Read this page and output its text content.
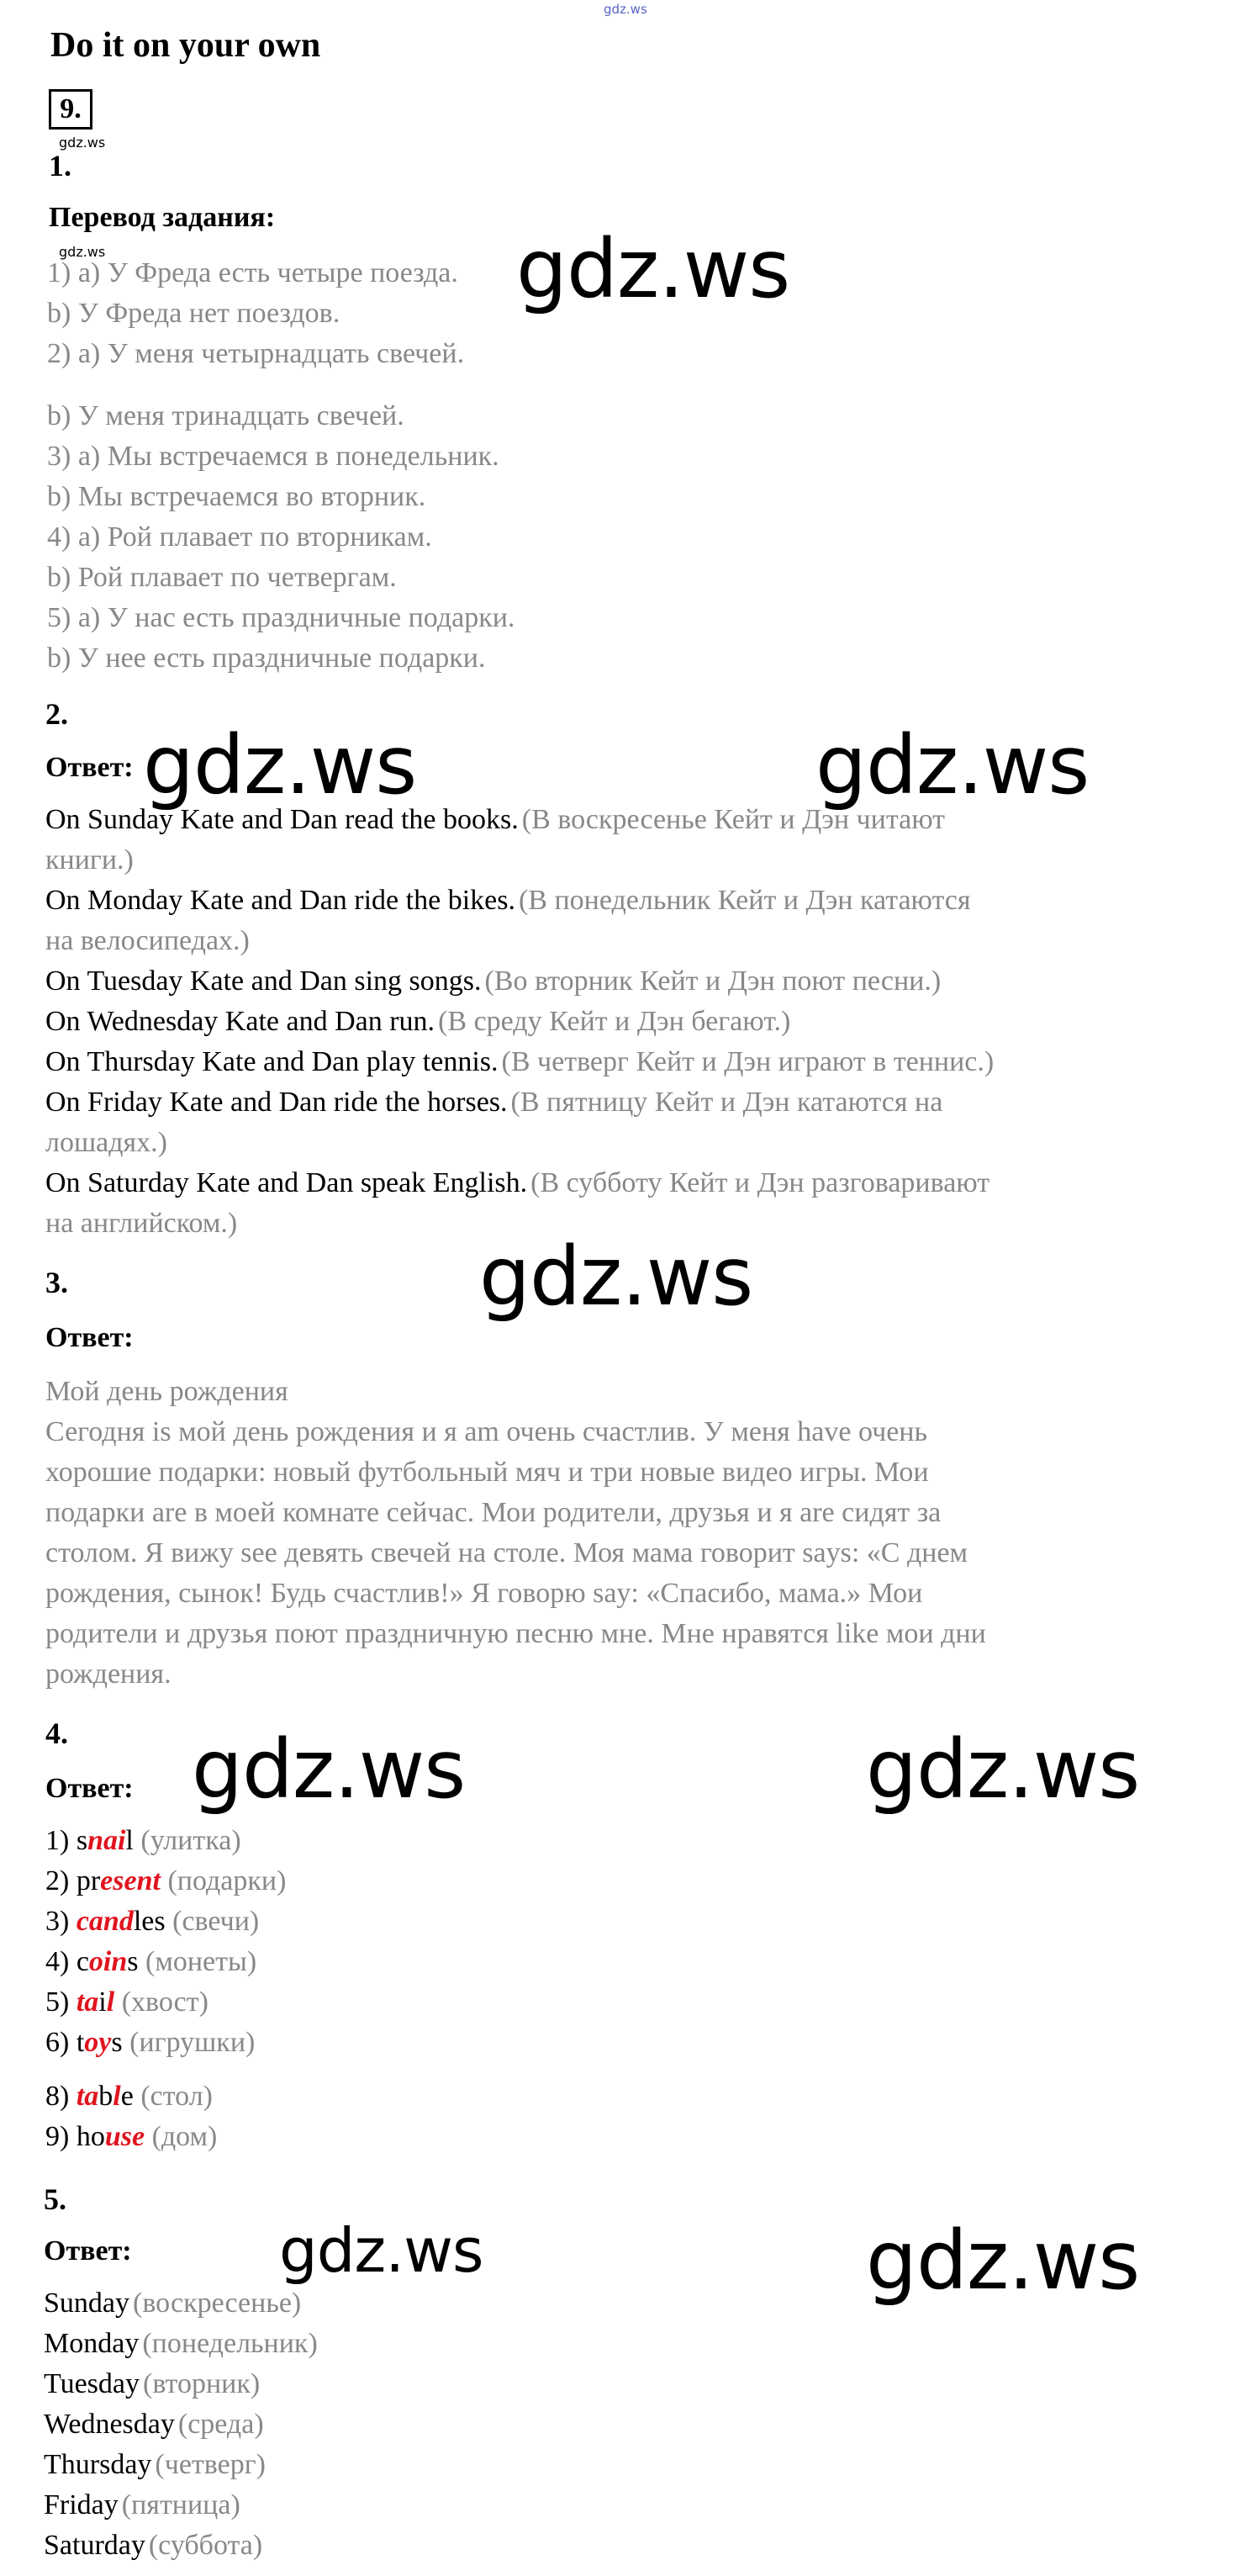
gdz.ws
Do it on your own
9.
gdz.ws
1.
Перевод задания:
gdz.ws
1) a) У Фреда есть четыре поезда.
b) У Фреда нет поездов.
2) a) У меня четырнадцать свечей.
b) У меня тринадцать свечей.
3) a) Мы встречаемся в понедельник.
b) Мы встречаемся во вторник.
4) a) Рой плавает по вторникам.
b) Рой плавает по четвергам.
5) a) У нас есть праздничные подарки.
b) У нее есть праздничные подарки.
2.
Ответ:
On Sunday Kate and Dan read the books. (В воскресенье Кейт и Дэн читают
книги.)
On Monday Kate and Dan ride the bikes. (В понедельник Кейт и Дэн катаются
на велосипедах.)
On Tuesday Kate and Dan sing songs. (Во вторник Кейт и Дэн поют песни.)
On Wednesday Kate and Dan run. (В среду Кейт и Дэн бегают.)
On Thursday Kate and Dan play tennis. (В четверг Кейт и Дэн играют в теннис.)
On Friday Kate and Dan ride the horses. (В пятницу Кейт и Дэн катаются на
лошадях.)
On Saturday Kate and Dan speak English. (В субботу Кейт и Дэн разговаривают
на английском.)
3.
Ответ:
Мой день рождения
Сегодня is мой день рождения и я am очень счастлив. У меня have очень
хорошие подарки: новый футбольный мяч и три новые видео игры. Мои
подарки are в моей комнате сейчас. Мои родители, друзья и я are сидят за
столом. Я вижу see девять свечей на столе. Моя мама говорит says: «С днем
рождения, сынок! Будь счастлив!» Я говорю say: «Спасибо, мама.» Мои
родители и друзья поют праздничную песню мне. Мне нравятся like мои дни
рождения.
4.
Ответ:
1) snail (улитка)
2) present (подарки)
3) candles (свечи)
4) coins (монеты)
5) tail (хвост)
6) toys (игрушки)
8) table (стол)
9) house (дом)
5.
Ответ:
Sunday (воскресенье)
Monday (понедельник)
Tuesday (вторник)
Wednesday (среда)
Thursday (четверг)
Friday (пятница)
Saturday (суббота)
gdz.ws
gdz.ws	gdz.ws
gdz.ws
gdz.ws	gdz.ws
gdz.ws	gdz.ws
